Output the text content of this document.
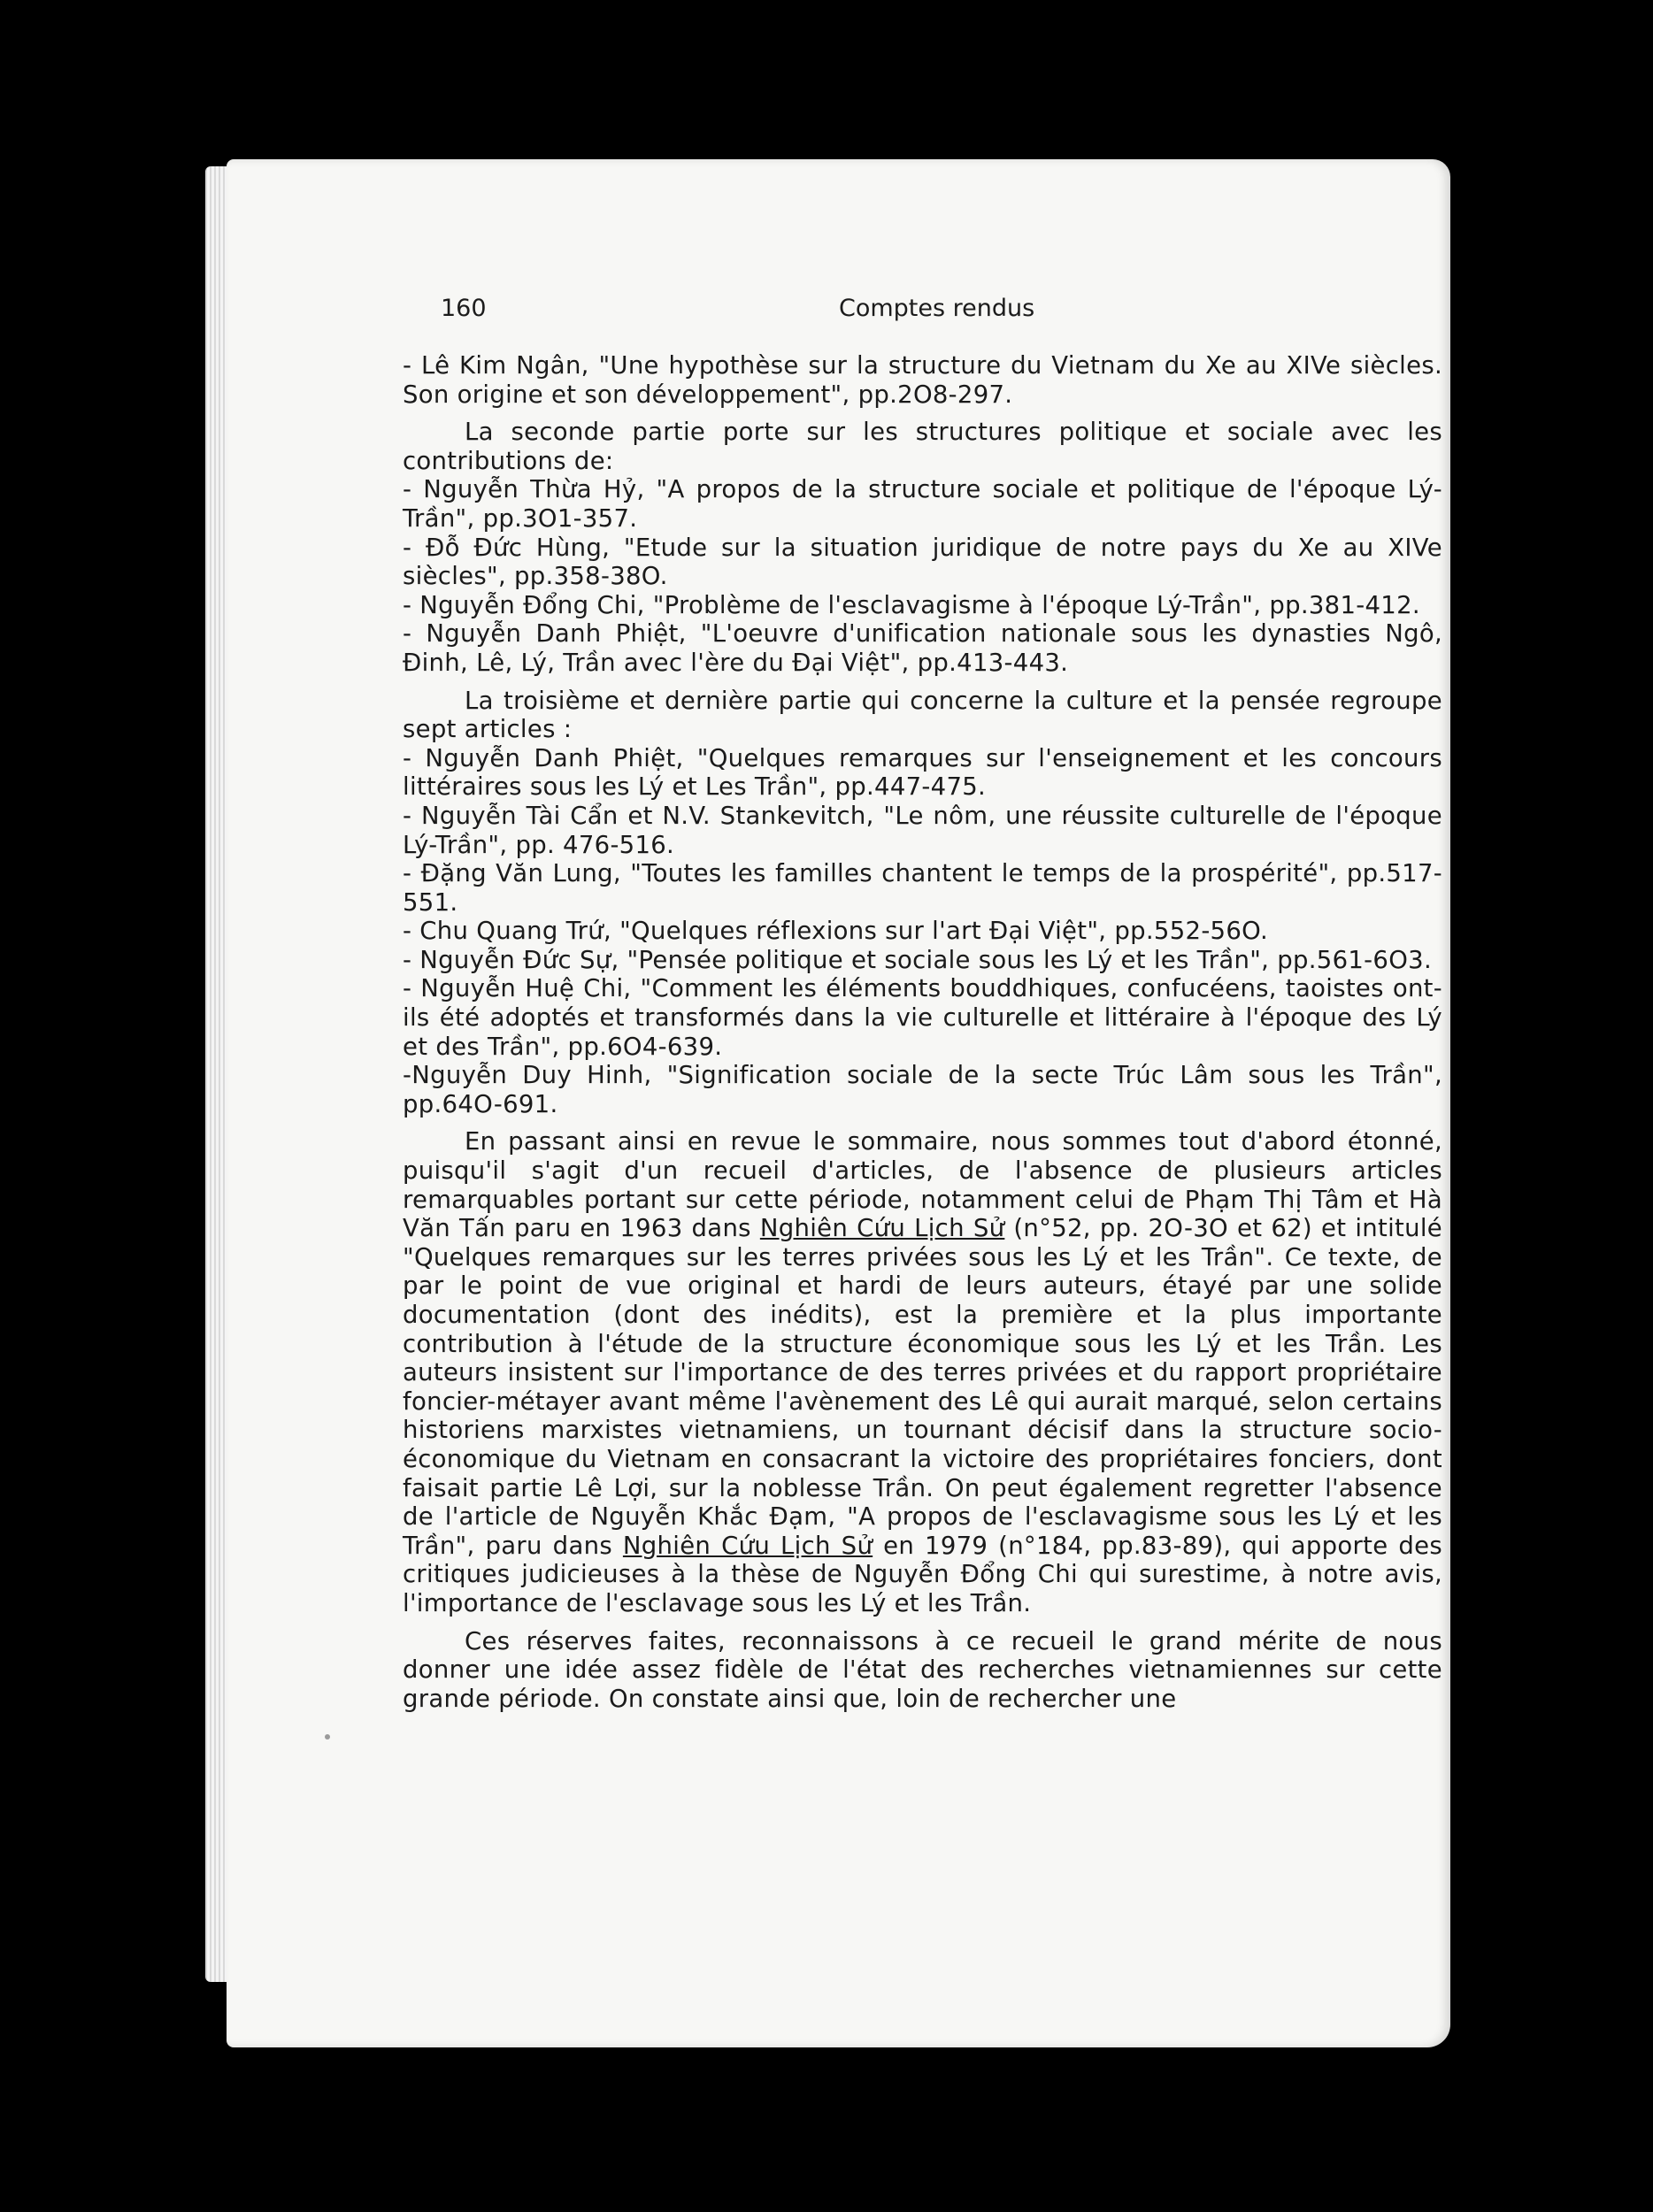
160	Comptes rendus

- Lê Kim Ngân, "Une hypothèse sur la structure du Vietnam du Xe au XIVe siècles. Son origine et son développement", pp.2O8-297.

La seconde partie porte sur les structures politique et sociale avec les contributions de:

- Nguyễn Thừa Hỷ, "A propos de la structure sociale et politique de l'époque Lý-Trần", pp.3O1-357.

- Đỗ Đức Hùng, "Etude sur la situation juridique de notre pays du Xe au XIVe siècles", pp.358-38O.

- Nguyễn Đổng Chi, "Problème de l'esclavagisme à l'époque Lý-Trần", pp.381-412.

- Nguyễn Danh Phiệt, "L'oeuvre d'unification nationale sous les dynasties Ngô, Đinh, Lê, Lý, Trần avec l'ère du Đại Việt", pp.413-443.

La troisième et dernière partie qui concerne la culture et la pensée regroupe sept articles :

- Nguyễn Danh Phiệt, "Quelques remarques sur l'enseignement et les concours littéraires sous les Lý et Les Trần", pp.447-475.

- Nguyễn Tài Cẩn et N.V. Stankevitch, "Le nôm, une réussite culturelle de l'époque Lý-Trần", pp. 476-516.

- Đặng Văn Lung, "Toutes les familles chantent le temps de la prospérité", pp.517-551.

- Chu Quang Trứ, "Quelques réflexions sur l'art Đại Việt", pp.552-56O.

- Nguyễn Đức Sự, "Pensée politique et sociale sous les Lý et les Trần", pp.561-6O3.

- Nguyễn Huệ Chi, "Comment les éléments bouddhiques, confucéens, taoistes ont-ils été adoptés et transformés dans la vie culturelle et littéraire à l'époque des Lý et des Trần", pp.6O4-639.

-Nguyễn Duy Hinh, "Signification sociale de la secte Trúc Lâm sous les Trần", pp.64O-691.

En passant ainsi en revue le sommaire, nous sommes tout d'abord étonné, puisqu'il s'agit d'un recueil d'articles, de l'absence de plusieurs articles remarquables portant sur cette période, notamment celui de Phạm Thị Tâm et Hà Văn Tấn paru en 1963 dans Nghiên Cứu Lịch Sử (n°52, pp. 2O-3O et 62) et intitulé "Quelques remarques sur les terres privées sous les Lý et les Trần". Ce texte, de par le point de vue original et hardi de leurs auteurs, étayé par une solide documentation (dont des inédits), est la première et la plus importante contribution à l'étude de la structure économique sous les Lý et les Trần. Les auteurs insistent sur l'importance de des terres privées et du rapport propriétaire foncier-métayer avant même l'avènement des Lê qui aurait marqué, selon certains historiens marxistes vietnamiens, un tournant décisif dans la structure socio-économique du Vietnam en consacrant la victoire des propriétaires fonciers, dont faisait partie Lê Lợi, sur la noblesse Trần. On peut également regretter l'absence de l'article de Nguyễn Khắc Đạm, "A propos de l'esclavagisme sous les Lý et les Trần", paru dans Nghiên Cứu Lịch Sử en 1979 (n°184, pp.83-89), qui apporte des critiques judicieuses à la thèse de Nguyễn Đổng Chi qui surestime, à notre avis, l'importance de l'esclavage sous les Lý et les Trần.

Ces réserves faites, reconnaissons à ce recueil le grand mérite de nous donner une idée assez fidèle de l'état des recherches vietnamiennes sur cette grande période. On constate ainsi que, loin de rechercher une
